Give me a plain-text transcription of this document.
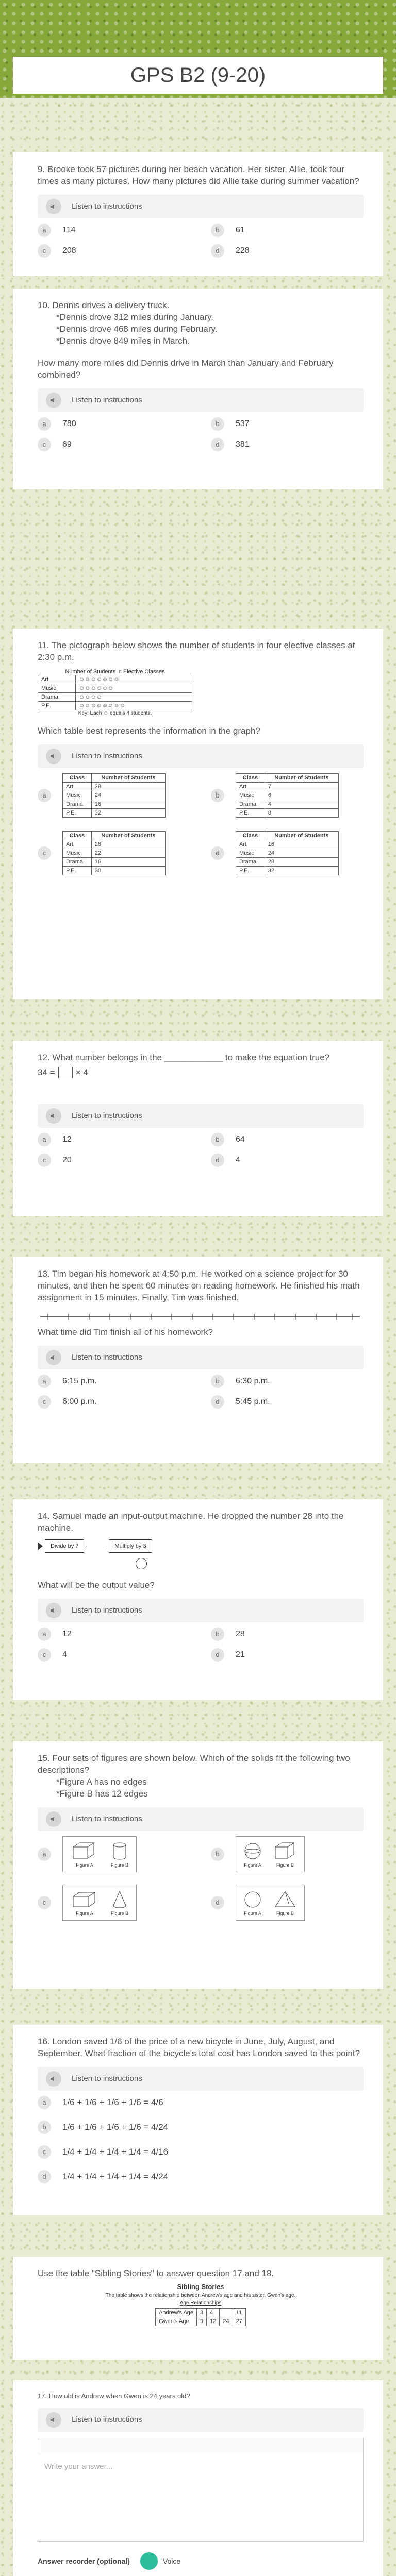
GPS B2 (9-20)

9. Brooke took 57 pictures during her beach vacation. Her sister, Allie, took four times as many pictures. How many pictures did Allie take during summer vacation?

Listen to instructions
a	114	b	61
c	208	d	228

10. Dennis drives a delivery truck.
*Dennis drove 312 miles during January.
*Dennis drove 468 miles during February.
*Dennis drove 849 miles in March.

How many more miles did Dennis drive in March than January and February combined?

Listen to instructions
a	780	b	537
c	69	d	381

11. The pictograph below shows the number of students in four elective classes at 2:30 p.m.

Number of Students in Elective Classes
Art	☺☺☺☺☺☺☺
Music	☺☺☺☺☺☺
Drama	☺☺☺☺
P.E.	☺☺☺☺☺☺☺☺
Key: Each ☺ equals 4 students.

Which table best represents the information in the graph?

Listen to instructions
a
Class	Number of Students
Art	28
Music	24
Drama	16
P.E.	32
b
Class	Number of Students
Art	7
Music	6
Drama	4
P.E.	8
c
Class	Number of Students
Art	28
Music	22
Drama	16
P.E.	30
d
Class	Number of Students
Art	16
Music	24
Drama	28
P.E.	32

12. What number belongs in the ____________ to make the equation true?

34 = × 4
Listen to instructions
a	12	b	64
c	20	d	4

13. Tim began his homework at 4:50 p.m. He worked on a science project for 30 minutes, and then he spent 60 minutes on reading homework. He finished his math assignment in 15 minutes. Finally, Tim was finished.

What time did Tim finish all of his homework?

Listen to instructions
a	6:15 p.m.	b	6:30 p.m.
c	6:00 p.m.	d	5:45 p.m.

14. Samuel made an input-output machine. He dropped the number 28 into the machine.

Divide by 7	Multiply by 3

What will be the output value?

Listen to instructions
a	12	b	28
c	4	d	21

15. Four sets of figures are shown below. Which of the solids fit the following two descriptions?
*Figure A has no edges
*Figure B has 12 edges

Listen to instructions
a
Figure A	Figure B
b
Figure A	Figure B
c
Figure A	Figure B
d
Figure A	Figure B

16. London saved 1/6 of the price of a new bicycle in June, July, August, and September. What fraction of the bicycle's total cost has London saved to this point?

Listen to instructions
a	1/6 + 1/6 + 1/6 + 1/6 = 4/6
b	1/6 + 1/6 + 1/6 + 1/6 = 4/24
c	1/4 + 1/4 + 1/4 + 1/4 = 4/16
d	1/4 + 1/4 + 1/4 + 1/4 = 4/24

Use the table "Sibling Stories" to answer question 17 and 18.

Sibling Stories
The table shows the relationship between Andrew's age and his sister, Gwen's age.
Age Relationships
Andrew's Age	3	4		11
Gwen's Age	9	12	24	27

17. How old is Andrew when Gwen is 24 years old?

Listen to instructions
Write your answer...
Answer recorder (optional)	Voice
